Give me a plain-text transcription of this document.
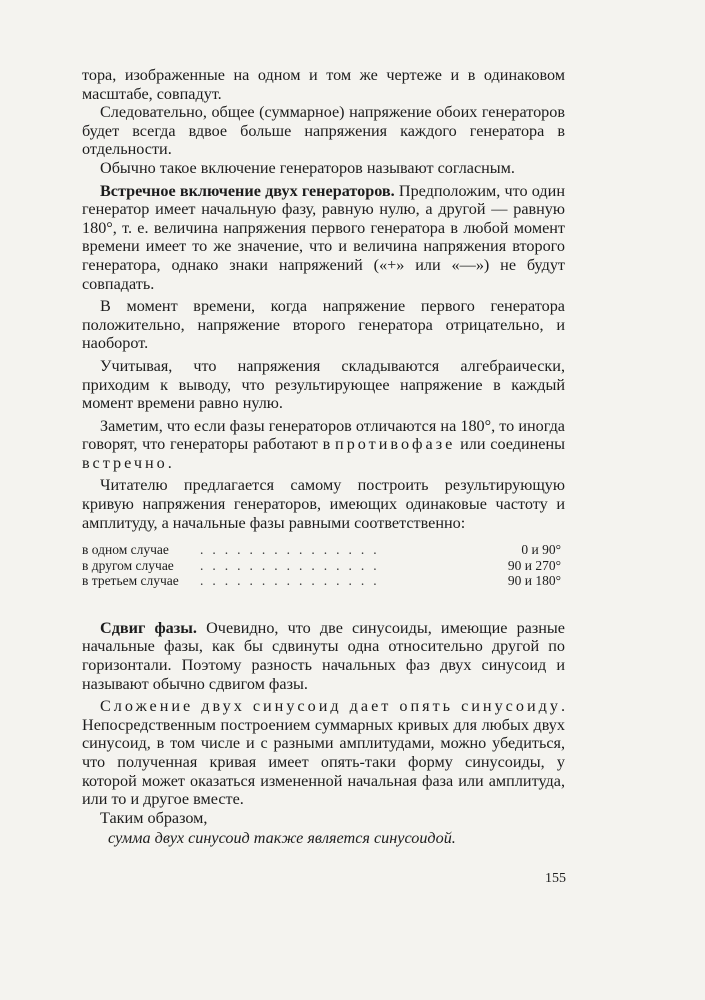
тора, изображенные на одном и том же чертеже и в одинаковом масштабе, совпадут.

Следовательно, общее (суммарное) напряжение обоих генераторов будет всегда вдвое больше напряжения каждого генератора в отдельности.

Обычно такое включение генераторов называют согласным.

Встречное включение двух генераторов. Предположим, что один генератор имеет начальную фазу, равную нулю, а другой — равную 180°, т. е. величина напряжения первого генератора в любой момент времени имеет то же значение, что и величина напряжения второго генератора, однако знаки напряжений («+» или «—») не будут совпадать.

В момент времени, когда напряжение первого генератора положительно, напряжение второго генератора отрицательно, и наоборот.

Учитывая, что напряжения складываются алгебраически, приходим к выводу, что результирующее напряжение в каждый момент времени равно нулю.

Заметим, что если фазы генераторов отличаются на 180°, то иногда говорят, что генераторы работают в противофазе или соединены встречно.

Читателю предлагается самому построить результирующую кривую напряжения генераторов, имеющих одинаковые частоту и амплитуду, а начальные фазы равными соответственно:

в одном случае	...............	0 и 90°
в другом случае	...............	90 и 270°
в третьем случае	...............	90 и 180°

Сдвиг фазы. Очевидно, что две синусоиды, имеющие разные начальные фазы, как бы сдвинуты одна относительно другой по горизонтали. Поэтому разность начальных фаз двух синусоид и называют обычно сдвигом фазы.

Сложение двух синусоид дает опять синусоиду. Непосредственным построением суммарных кривых для любых двух синусоид, в том числе и с разными амплитудами, можно убедиться, что полученная кривая имеет опять-таки форму синусоиды, у которой может оказаться измененной начальная фаза или амплитуда, или то и другое вместе.

Таким образом,

сумма двух синусоид также является синусоидой.

155
